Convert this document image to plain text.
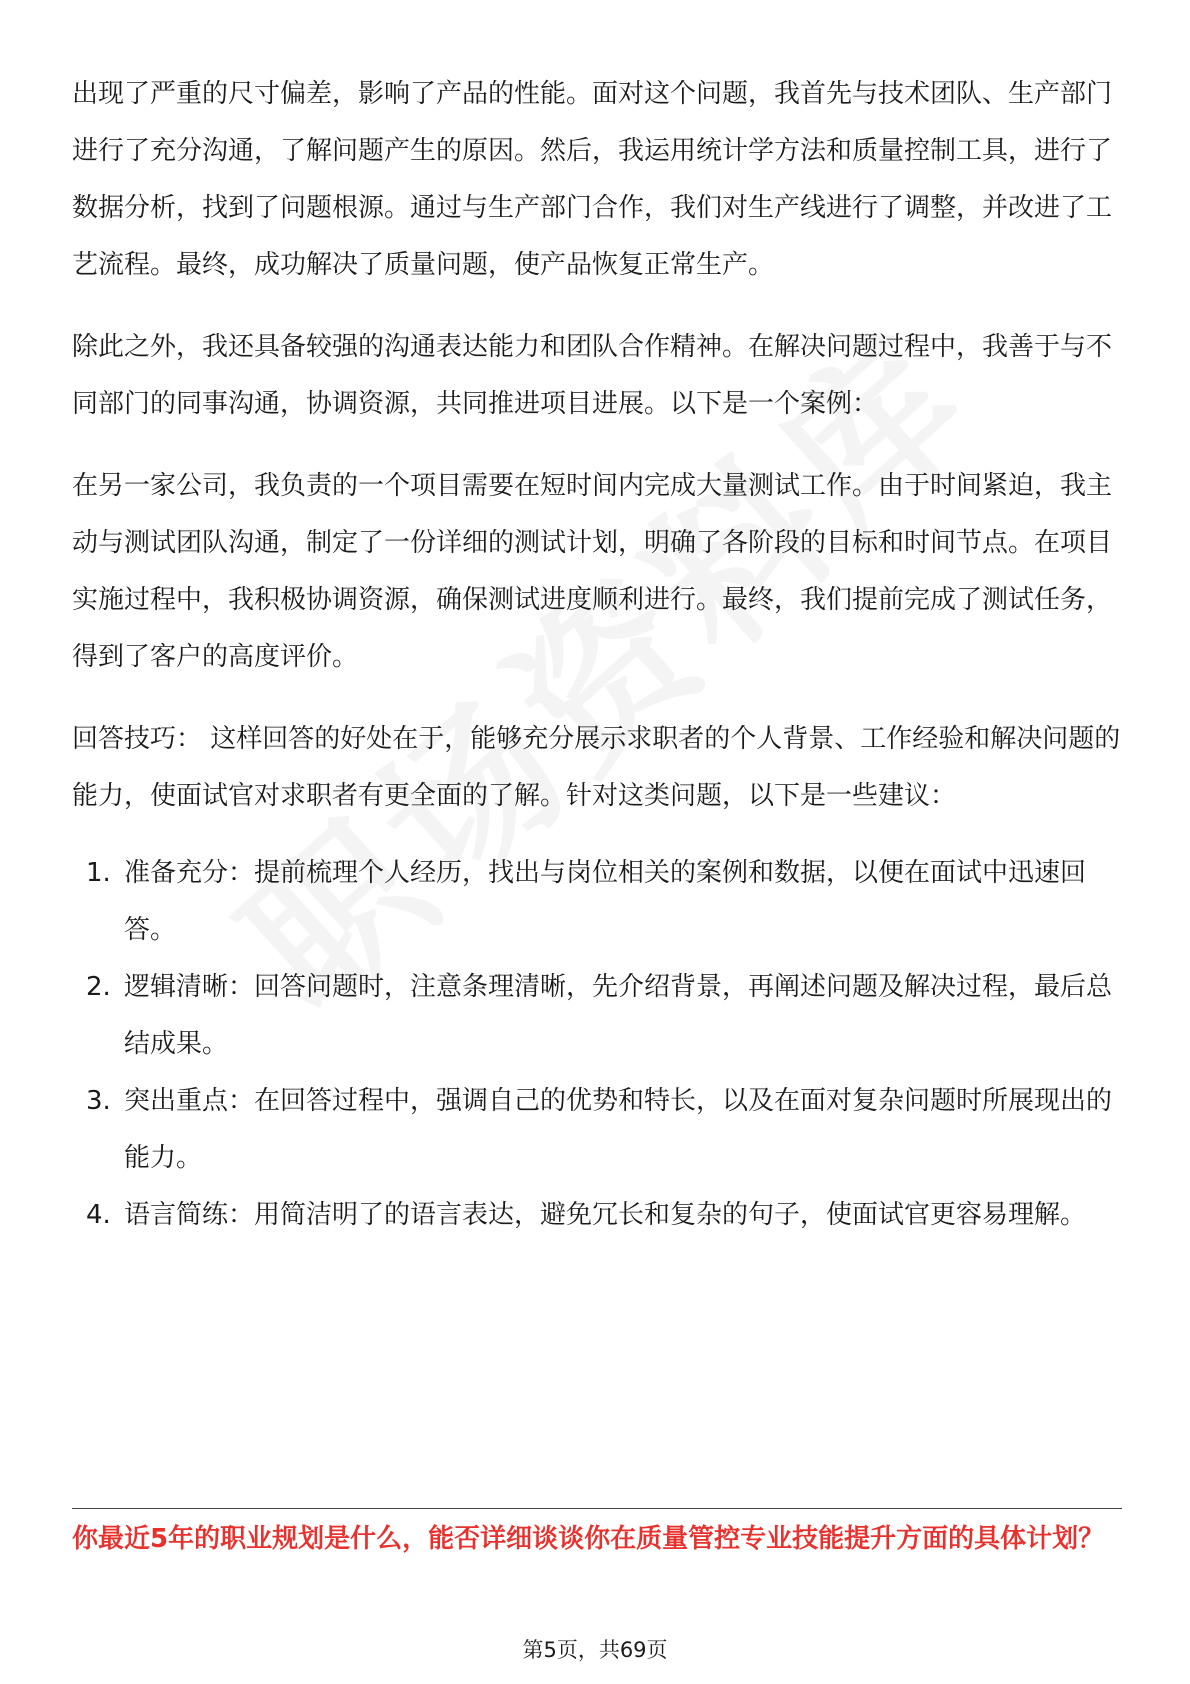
出现了严重的尺寸偏差，影响了产品的性能。面对这个问题，我首先与技术团队、生产部门进行了充分沟通，了解问题产生的原因。然后，我运用统计学方法和质量控制工具，进行了数据分析，找到了问题根源。通过与生产部门合作，我们对生产线进行了调整，并改进了工艺流程。最终，成功解决了质量问题，使产品恢复正常生产。

除此之外，我还具备较强的沟通表达能力和团队合作精神。在解决问题过程中，我善于与不同部门的同事沟通，协调资源，共同推进项目进展。以下是一个案例：

在另一家公司，我负责的一个项目需要在短时间内完成大量测试工作。由于时间紧迫，我主动与测试团队沟通，制定了一份详细的测试计划，明确了各阶段的目标和时间节点。在项目实施过程中，我积极协调资源，确保测试进度顺利进行。最终，我们提前完成了测试任务，得到了客户的高度评价。

回答技巧： 这样回答的好处在于，能够充分展示求职者的个人背景、工作经验和解决问题的能力，使面试官对求职者有更全面的了解。针对这类问题，以下是一些建议：

1. 准备充分：提前梳理个人经历，找出与岗位相关的案例和数据，以便在面试中迅速回答。
2. 逻辑清晰：回答问题时，注意条理清晰，先介绍背景，再阐述问题及解决过程，最后总结成果。
3. 突出重点：在回答过程中，强调自己的优势和特长，以及在面对复杂问题时所展现出的能力。
4. 语言简练：用简洁明了的语言表达，避免冗长和复杂的句子，使面试官更容易理解。
你最近5年的职业规划是什么，能否详细谈谈你在质量管控专业技能提升方面的具体计划？
第5页，共69页
